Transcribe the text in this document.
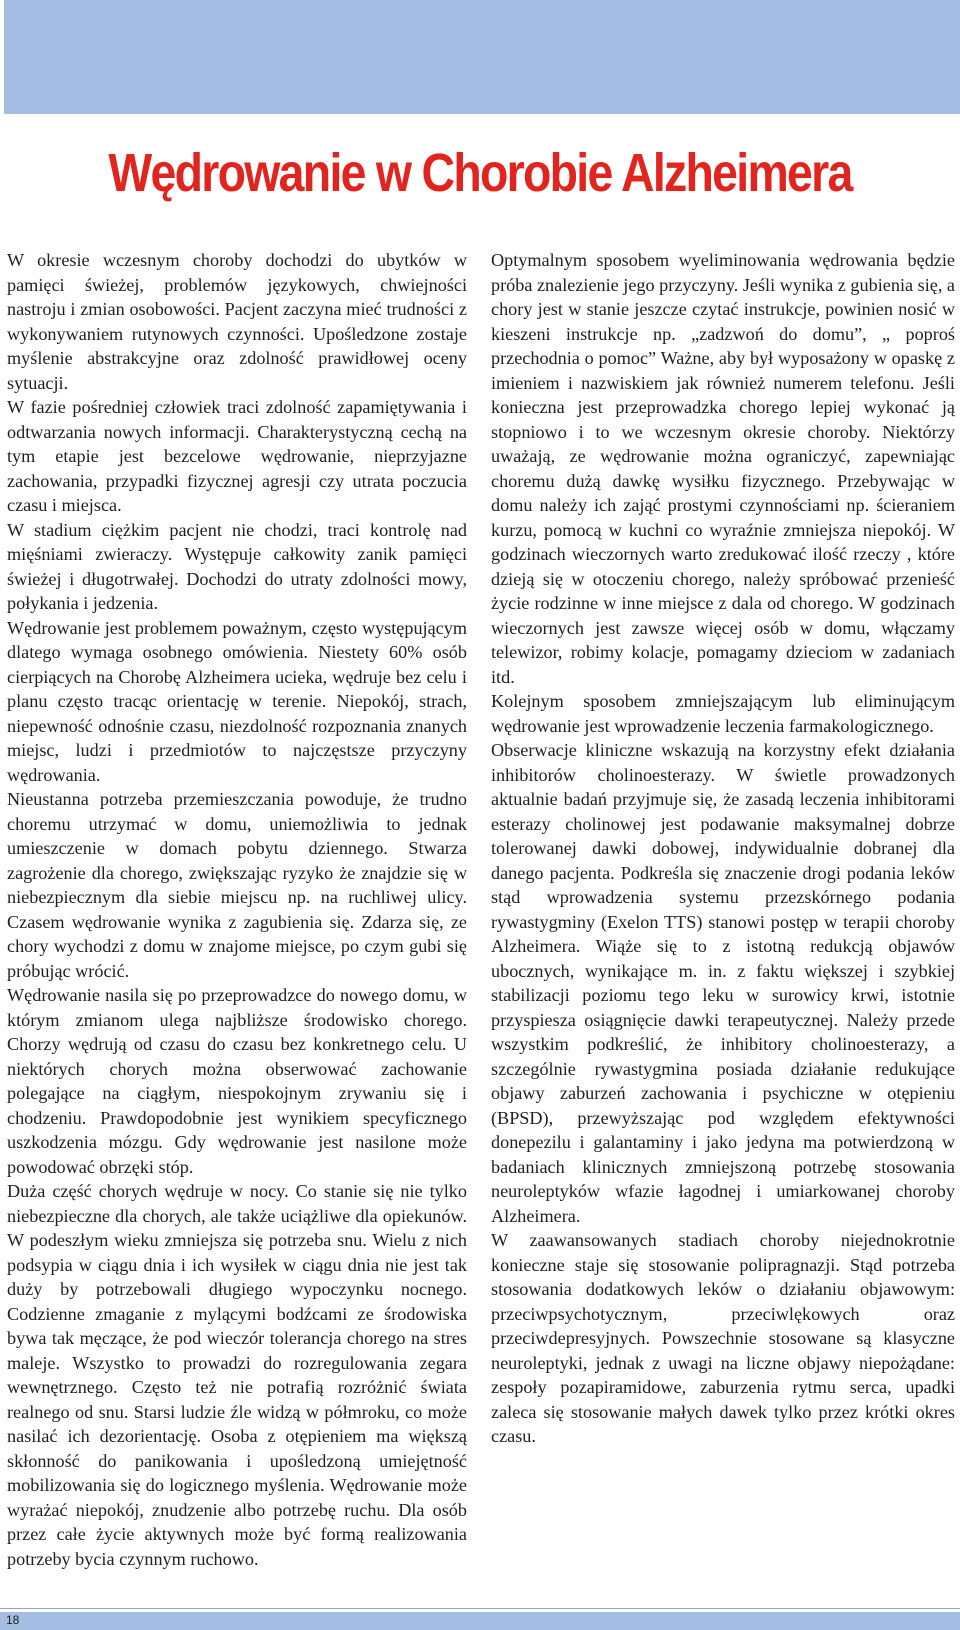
Wędrowanie w Chorobie Alzheimera

W okresie wczesnym choroby dochodzi do ubytków w pamięci świeżej, problemów językowych, chwiejności nastroju i zmian osobowości. Pacjent zaczyna mieć trudności z wykonywaniem rutynowych czynności. Upośledzone zostaje myślenie abstrakcyjne oraz zdolność prawidłowej oceny sytuacji.

W fazie pośredniej człowiek traci zdolność zapamiętywania i odtwarzania nowych informacji. Charakterystyczną cechą na tym etapie jest bezcelowe wędrowanie, nieprzyjazne zachowania, przypadki fizycznej agresji czy utrata poczucia czasu i miejsca.

W stadium ciężkim pacjent nie chodzi, traci kontrolę nad mięśniami zwieraczy. Występuje całkowity zanik pamięci świeżej i długotrwałej. Dochodzi do utraty zdolności mowy, połykania i jedzenia.

Wędrowanie jest problemem poważnym, często występującym dlatego wymaga osobnego omówienia. Niestety 60% osób cierpiących na Chorobę Alzheimera ucieka, wędruje bez celu i planu często tracąc orientację w terenie. Niepokój, strach, niepewność odnośnie czasu, niezdolność rozpoznania znanych miejsc, ludzi i przedmiotów to najczęstsze przyczyny wędrowania.

Nieustanna potrzeba przemieszczania powoduje, że trudno choremu utrzymać w domu, uniemożliwia to jednak umieszczenie w domach pobytu dziennego. Stwarza zagrożenie dla chorego, zwiększając ryzyko że znajdzie się w niebezpiecznym dla siebie miejscu np. na ruchliwej ulicy. Czasem wędrowanie wynika z zagubienia się. Zdarza się, ze chory wychodzi z domu w znajome miejsce, po czym gubi się próbując wrócić.

Wędrowanie nasila się po przeprowadzce do nowego domu, w którym zmianom ulega najbliższe środowisko chorego. Chorzy wędrują od czasu do czasu bez konkretnego celu. U niektórych chorych można obserwować zachowanie polegające na ciągłym, niespokojnym zrywaniu się i chodzeniu. Prawdopodobnie jest wynikiem specyficznego uszkodzenia mózgu. Gdy wędrowanie jest nasilone może powodować obrzęki stóp.

Duża część chorych wędruje w nocy. Co stanie się nie tylko niebezpieczne dla chorych, ale także uciążliwe dla opiekunów. W podeszłym wieku zmniejsza się potrzeba snu. Wielu z nich podsypia w ciągu dnia i ich wysiłek w ciągu dnia nie jest tak duży by potrzebowali długiego wypoczynku nocnego. Codzienne zmaganie z mylącymi bodźcami ze środowiska bywa tak męczące, że pod wieczór tolerancja chorego na stres maleje. Wszystko to prowadzi do rozregulowania zegara wewnętrznego. Często też nie potrafią rozróżnić świata realnego od snu. Starsi ludzie źle widzą w półmroku, co może nasilać ich dezorientację. Osoba z otępieniem ma większą skłonność do panikowania i upośledzoną umiejętność mobilizowania się do logicznego myślenia. Wędrowanie może wyrażać niepokój, znudzenie albo potrzebę ruchu. Dla osób przez całe życie aktywnych może być formą realizowania potrzeby bycia czynnym ruchowo.

Optymalnym sposobem wyeliminowania wędrowania będzie próba znalezienie jego przyczyny. Jeśli wynika z gubienia się, a chory jest w stanie jeszcze czytać instrukcje, powinien nosić w kieszeni instrukcje np. „zadzwoń do domu”, „ poproś przechodnia o pomoc” Ważne, aby był wyposażony w opaskę z imieniem i nazwiskiem jak również numerem telefonu. Jeśli konieczna jest przeprowadzka chorego lepiej wykonać ją stopniowo i to we wczesnym okresie choroby. Niektórzy uważają, ze wędrowanie można ograniczyć, zapewniając choremu dużą dawkę wysiłku fizycznego. Przebywając w domu należy ich zająć prostymi czynnościami np. ścieraniem kurzu, pomocą w kuchni co wyraźnie zmniejsza niepokój. W godzinach wieczornych warto zredukować ilość rzeczy , które dzieją się w otoczeniu chorego, należy spróbować przenieść życie rodzinne w inne miejsce z dala od chorego. W godzinach wieczornych jest zawsze więcej osób w domu, włączamy telewizor, robimy kolacje, pomagamy dzieciom w zadaniach itd.

Kolejnym sposobem zmniejszającym lub eliminującym wędrowanie jest wprowadzenie leczenia farmakologicznego.

Obserwacje kliniczne wskazują na korzystny efekt działania inhibitorów cholinoesterazy. W świetle prowadzonych aktualnie badań przyjmuje się, że zasadą leczenia inhibitorami esterazy cholinowej jest podawanie maksymalnej dobrze tolerowanej dawki dobowej, indywidualnie dobranej dla danego pacjenta. Podkreśla się znaczenie drogi podania leków stąd wprowadzenia systemu przezskórnego podania rywastygminy (Exelon TTS) stanowi postęp w terapii choroby Alzheimera. Wiąże się to z istotną redukcją objawów ubocznych, wynikające m. in. z faktu większej i szybkiej stabilizacji poziomu tego leku w surowicy krwi, istotnie przyspiesza osiągnięcie dawki terapeutycznej. Należy przede wszystkim podkreślić, że inhibitory cholinoesterazy, a szczególnie rywastygmina posiada działanie redukujące objawy zaburzeń zachowania i psychiczne w otępieniu (BPSD), przewyższając pod względem efektywności donepezilu i galantaminy i jako jedyna ma potwierdzoną w badaniach klinicznych zmniejszoną potrzebę stosowania neuroleptyków wfazie łagodnej i umiarkowanej choroby Alzheimera.

W zaawansowanych stadiach choroby niejednokrotnie konieczne staje się stosowanie polipragnazji. Stąd potrzeba stosowania dodatkowych leków o działaniu objawowym: przeciwpsychotycznym, przeciwlękowych oraz przeciwdepresyjnych. Powszechnie stosowane są klasyczne neuroleptyki, jednak z uwagi na liczne objawy niepożądane: zespoły pozapiramidowe, zaburzenia rytmu serca, upadki zaleca się stosowanie małych dawek tylko przez krótki okres czasu.

18
